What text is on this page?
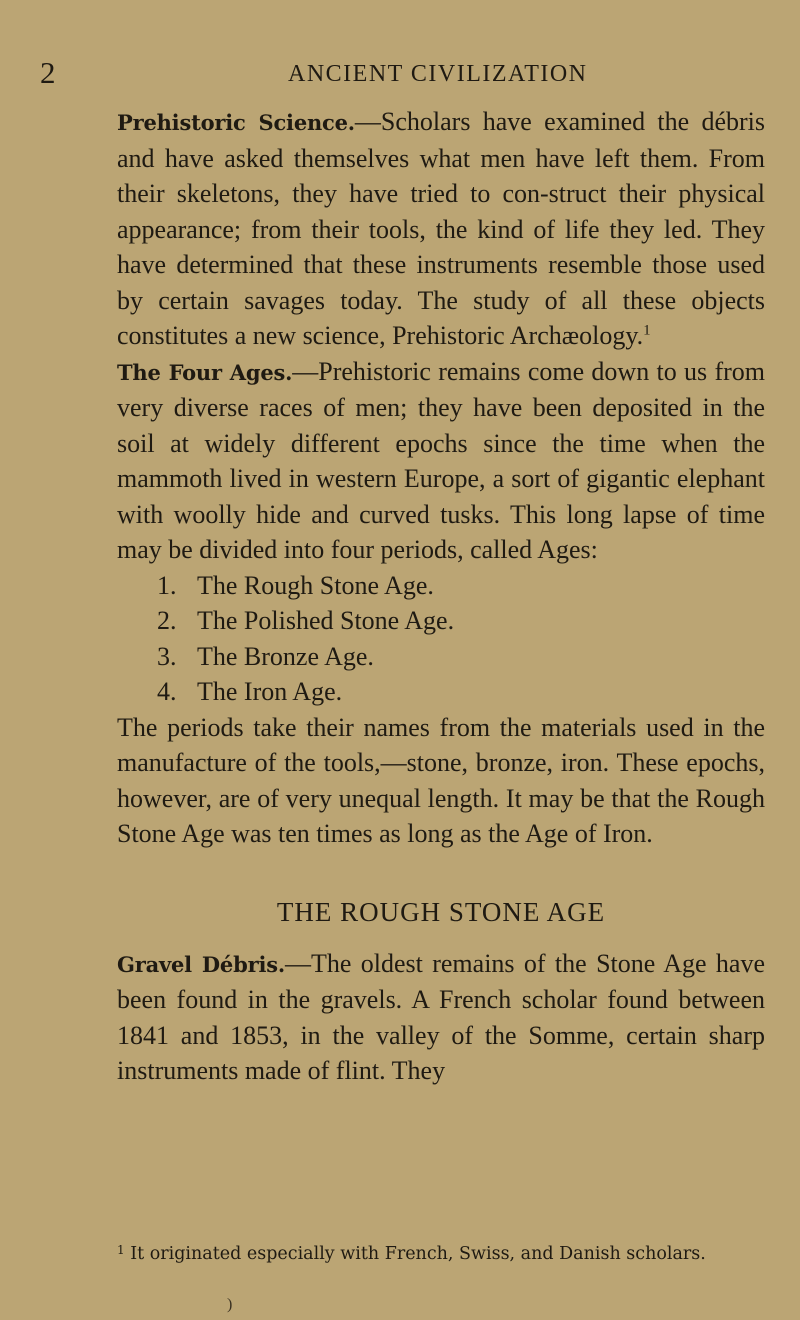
2	ANCIENT CIVILIZATION

Prehistoric Science.—Scholars have examined the débris and have asked themselves what men have left them. From their skeletons, they have tried to con-struct their physical appearance; from their tools, the kind of life they led. They have determined that these instruments resemble those used by certain savages today. The study of all these objects constitutes a new science, Prehistoric Archæology.$^1$

The Four Ages.—Prehistoric remains come down to us from very diverse races of men; they have been deposited in the soil at widely different epochs since the time when the mammoth lived in western Europe, a sort of gigantic elephant with woolly hide and curved tusks. This long lapse of time may be divided into four periods, called Ages:

1. The Rough Stone Age.
2. The Polished Stone Age.
3. The Bronze Age.
4. The Iron Age.

The periods take their names from the materials used in the manufacture of the tools,—stone, bronze, iron. These epochs, however, are of very unequal length. It may be that the Rough Stone Age was ten times as long as the Age of Iron.

THE ROUGH STONE AGE

Gravel Débris.—The oldest remains of the Stone Age have been found in the gravels. A French scholar found between 1841 and 1853, in the valley of the Somme, certain sharp instruments made of flint. They

$^1$ It originated especially with French, Swiss, and Danish scholars.
)
